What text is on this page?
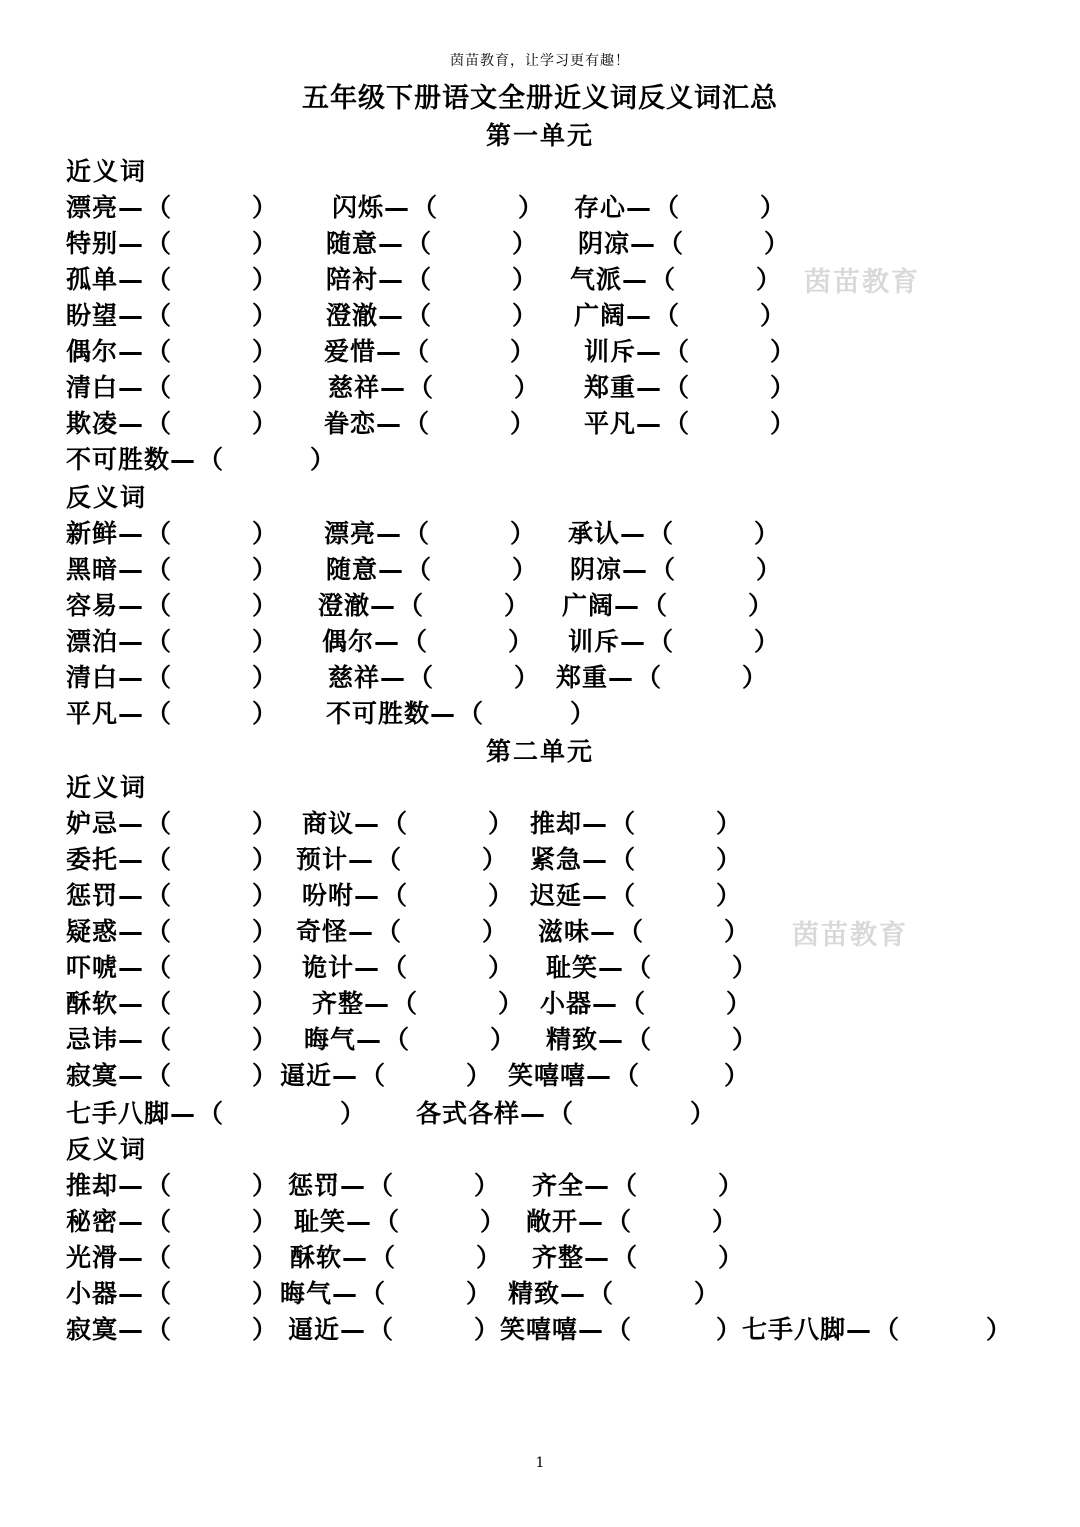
茵苗教育，让学习更有趣！
五年级下册语文全册近义词反义词汇总
第一单元
近义词
漂亮—（	） 闪烁—（	） 存心—（	）
特别—（	） 随意—（	） 阴凉—（	）
孤单—（	） 陪衬—（	） 气派—（	）
盼望—（	） 澄澈—（	） 广阔—（	）
偶尔—（	） 爱惜—（	） 训斥—（	）
清白—（	） 慈祥—（	） 郑重—（	）
欺凌—（	） 眷恋—（	） 平凡—（	）
不可胜数—（	）
反义词
新鲜—（	） 漂亮—（	） 承认—（	）
黑暗—（	） 随意—（	） 阴凉—（	）
容易—（	） 澄澈—（	） 广阔—（	）
漂泊—（	） 偶尔—（	） 训斥—（	）
清白—（	） 慈祥—（	） 郑重—（	）
平凡—（	） 不可胜数—（	）
第二单元
近义词
妒忌—（	） 商议—（	） 推却—（	）
委托—（	） 预计—（	） 紧急—（	）
惩罚—（	） 吩咐—（	） 迟延—（	）
疑惑—（	） 奇怪—（	） 滋味—（	）
吓唬—（	） 诡计—（	） 耻笑—（	）
酥软—（	） 齐整—（	） 小器—（	）
忌讳—（	） 晦气—（	） 精致—（	）
寂寞—（	） 逼近—（	） 笑嘻嘻—（	）
七手八脚—（	） 各式各样—（	）
反义词
推却—（	） 惩罚—（	） 齐全—（	）
秘密—（	） 耻笑—（	） 敞开—（	）
光滑—（	） 酥软—（	） 齐整—（	）
小器—（	） 晦气—（	） 精致—（	）
寂寞—（	） 逼近—（	） 笑嘻嘻—（	） 七手八脚—（	）
茵苗教育
茵苗教育
1
